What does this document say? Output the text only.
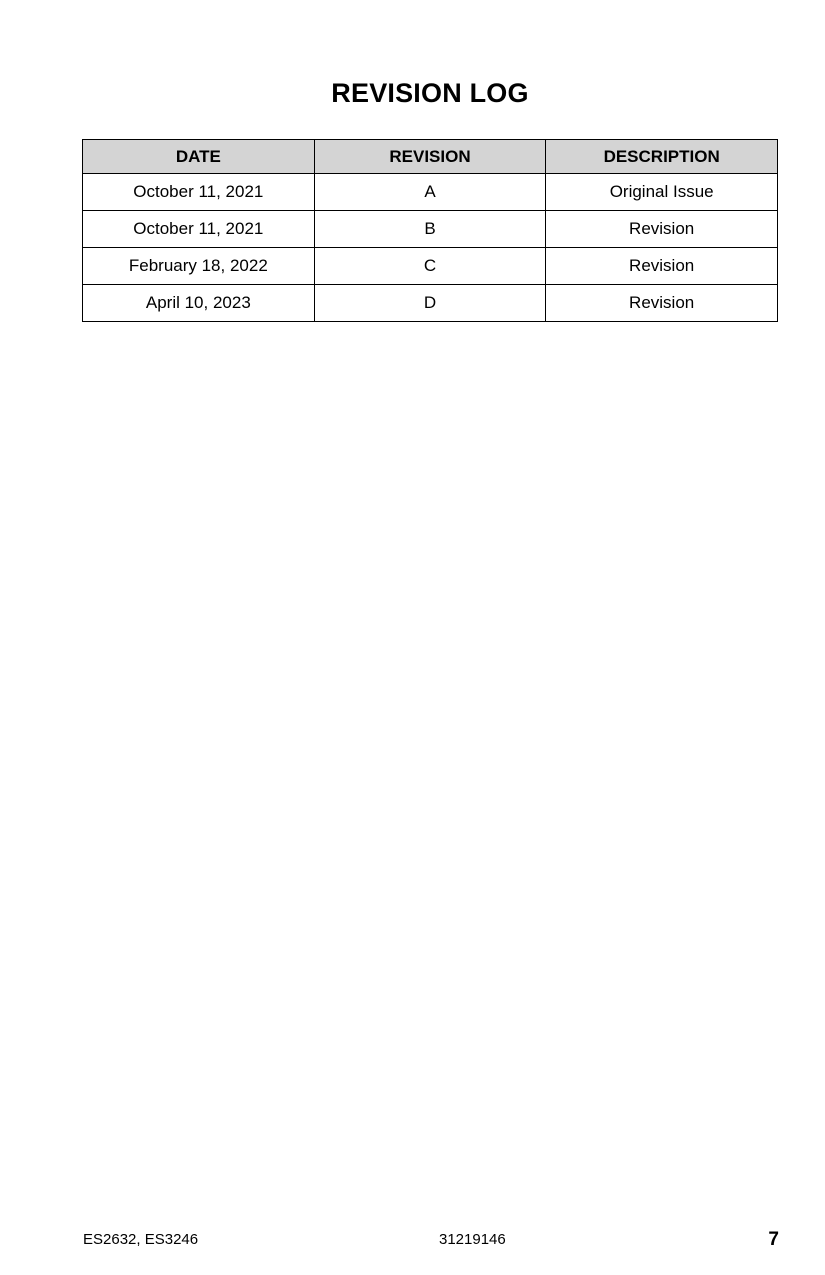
REVISION LOG
DATE	REVISION	DESCRIPTION
October 11, 2021	A	Original Issue
October 11, 2021	B	Revision
February 18, 2022	C	Revision
April 10, 2023	D	Revision
ES2632, ES3246	31219146	7
